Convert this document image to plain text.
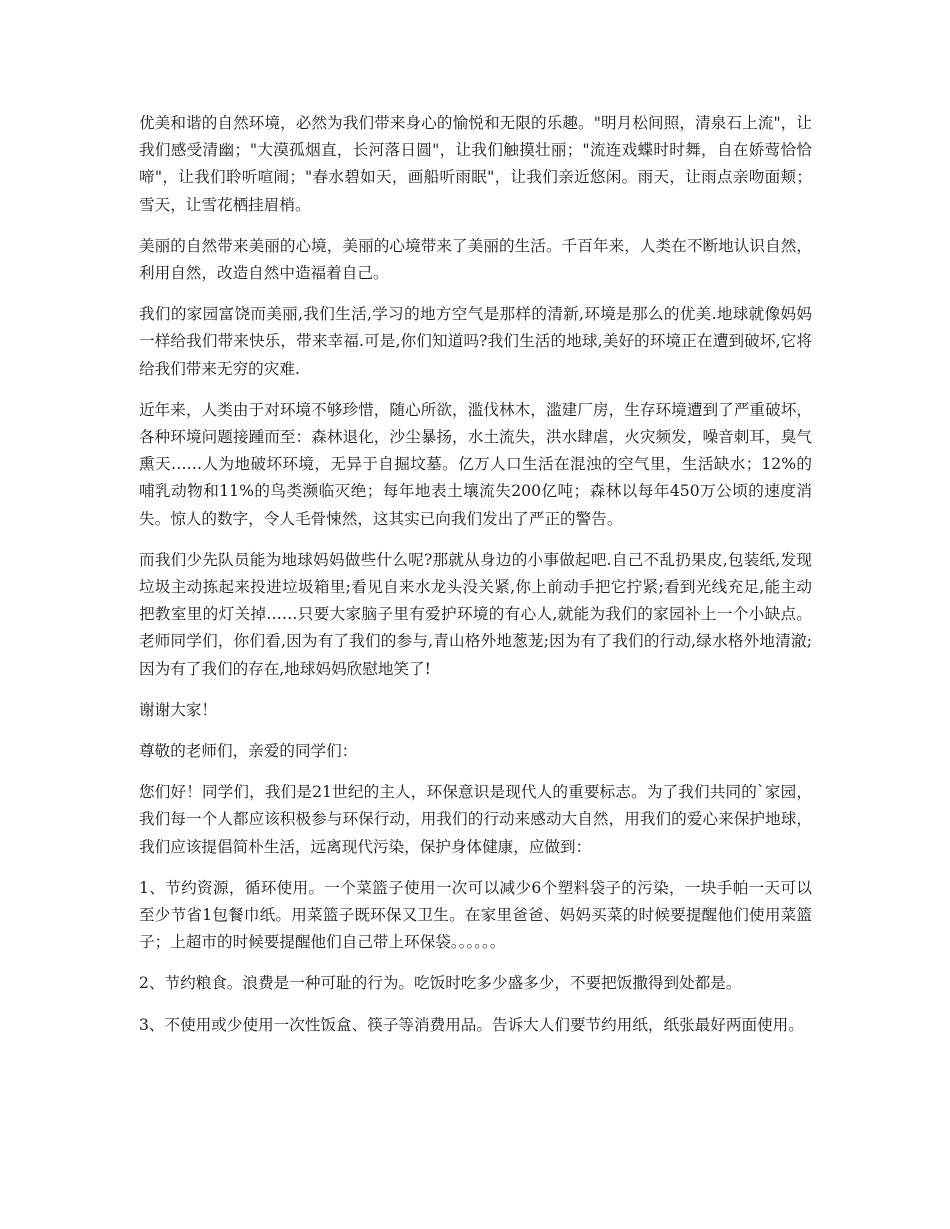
优美和谐的自然环境，必然为我们带来身心的愉悦和无限的乐趣。"明月松间照，清泉石上流"，让我们感受清幽；"大漠孤烟直，长河落日圆"，让我们触摸壮丽；"流连戏蝶时时舞，自在娇莺恰恰啼"，让我们聆听喧闹；"春水碧如天，画船听雨眠"，让我们亲近悠闲。雨天，让雨点亲吻面颊；雪天，让雪花栖挂眉梢。

美丽的自然带来美丽的心境，美丽的心境带来了美丽的生活。千百年来，人类在不断地认识自然，利用自然，改造自然中造福着自己。

我们的家园富饶而美丽,我们生活,学习的地方空气是那样的清新,环境是那么的优美.地球就像妈妈一样给我们带来快乐，带来幸福.可是,你们知道吗?我们生活的地球,美好的环境正在遭到破坏,它将给我们带来无穷的灾难.

近年来，人类由于对环境不够珍惜，随心所欲，滥伐林木，滥建厂房，生存环境遭到了严重破坏，各种环境问题接踵而至：森林退化，沙尘暴扬，水土流失，洪水肆虐，火灾频发，噪音刺耳，臭气熏天……人为地破坏环境，无异于自掘坟墓。亿万人口生活在混浊的空气里，生活缺水；12%的哺乳动物和11%的鸟类濒临灭绝；每年地表土壤流失200亿吨；森林以每年450万公顷的速度消失。惊人的数字，令人毛骨悚然，这其实已向我们发出了严正的警告。

而我们少先队员能为地球妈妈做些什么呢?那就从身边的小事做起吧.自己不乱扔果皮,包装纸,发现垃圾主动拣起来投进垃圾箱里;看见自来水龙头没关紧,你上前动手把它拧紧;看到光线充足,能主动把教室里的灯关掉……只要大家脑子里有爱护环境的有心人,就能为我们的家园补上一个小缺点。老师同学们，你们看,因为有了我们的参与,青山格外地葱茏;因为有了我们的行动,绿水格外地清澈;因为有了我们的存在,地球妈妈欣慰地笑了!

谢谢大家！

尊敬的老师们，亲爱的同学们：

您们好！同学们，我们是21世纪的主人，环保意识是现代人的重要标志。为了我们共同的`家园，我们每一个人都应该积极参与环保行动，用我们的行动来感动大自然，用我们的爱心来保护地球，我们应该提倡简朴生活，远离现代污染，保护身体健康，应做到：

1、节约资源，循环使用。一个菜篮子使用一次可以减少6个塑料袋子的污染，一块手帕一天可以至少节省1包餐巾纸。用菜篮子既环保又卫生。在家里爸爸、妈妈买菜的时候要提醒他们使用菜篮子；上超市的时候要提醒他们自己带上环保袋。。。。。。

2、节约粮食。浪费是一种可耻的行为。吃饭时吃多少盛多少，不要把饭撒得到处都是。

3、不使用或少使用一次性饭盒、筷子等消费用品。告诉大人们要节约用纸，纸张最好两面使用。
